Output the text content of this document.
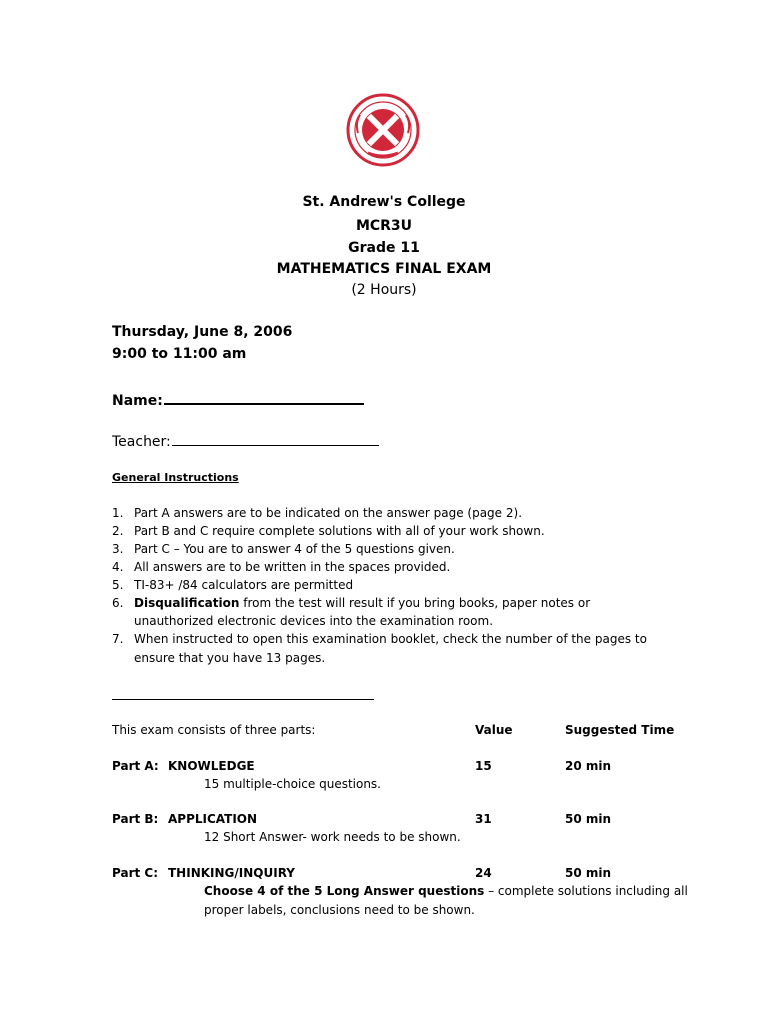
St. Andrew's College
MCR3U
Grade 11
MATHEMATICS FINAL EXAM
(2 Hours)
Thursday, June 8, 2006
9:00 to 11:00 am
Name:
Teacher:
General Instructions
1. Part A answers are to be indicated on the answer page (page 2).
2. Part B and C require complete solutions with all of your work shown.
3. Part C – You are to answer 4 of the 5 questions given.
4. All answers are to be written in the spaces provided.
5. TI-83+ /84 calculators are permitted
6. Disqualification from the test will result if you bring books, paper notes or
unauthorized electronic devices into the examination room.
7. When instructed to open this examination booklet, check the number of the pages to
ensure that you have 13 pages.
This exam consists of three parts:	Value	Suggested Time
Part A: KNOWLEDGE	15	20 min
15 multiple-choice questions.
Part B: APPLICATION	31	50 min
12 Short Answer- work needs to be shown.
Part C: THINKING/INQUIRY	24	50 min
Choose 4 of the 5 Long Answer questions – complete solutions including all
proper labels, conclusions need to be shown.
